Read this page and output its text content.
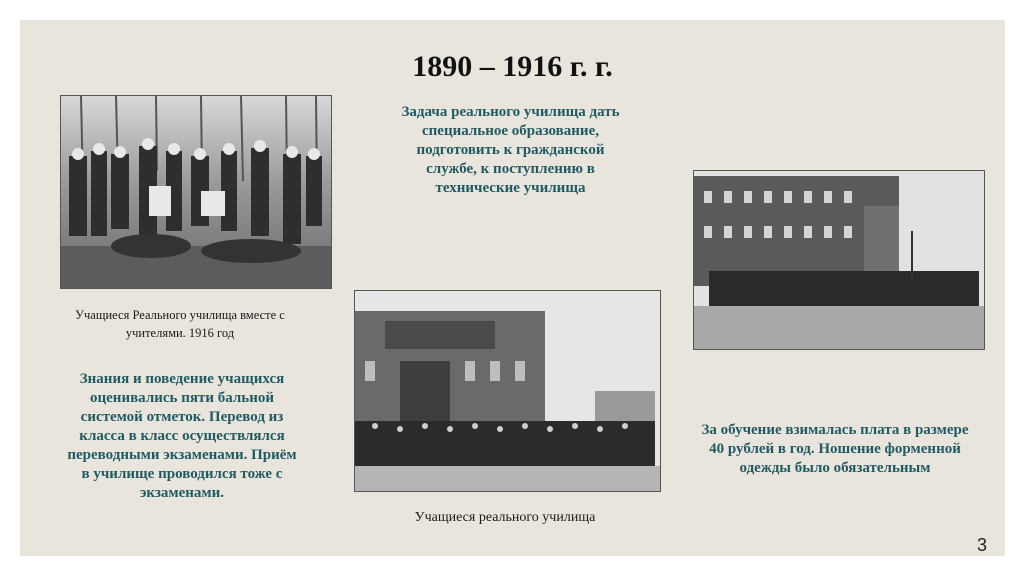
1890 – 1916 г. г.
Учащиеся Реального училища вместе с учителями. 1916 год
Задача реального училища дать специальное образование, подготовить к гражданской службе, к поступлению в технические училища
Знания и поведение учащихся оценивались пяти бальной системой отметок. Перевод из класса в класс осуществлялся переводными экзаменами. Приём в училище проводился тоже с экзаменами.
Учащиеся реального училища
За обучение взималась плата в размере 40 рублей в год. Ношение форменной одежды было обязательным
3
